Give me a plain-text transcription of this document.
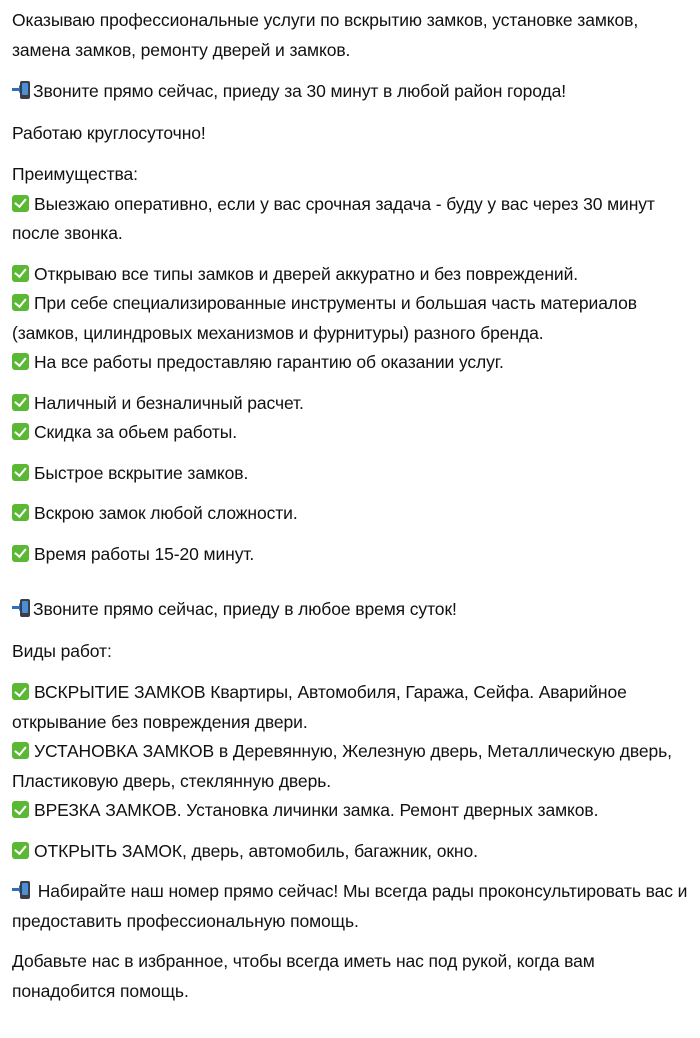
Оказываю профессиональные услуги по вскрытию замков, установке замков, замена замков, ремонту дверей и замков.

Звоните прямо сейчас, приеду за 30 минут в любой район города!

Работаю круглосуточно!

Преимущества:

Выезжаю оперативно, если у вас срочная задача - буду у вас через 30 минут после звонка.

Открываю все типы замков и дверей аккуратно и без повреждений.

При себе специализированные инструменты и большая часть материалов (замков, цилиндровых механизмов и фурнитуры) разного бренда.

На все работы предоставляю гарантию об оказании услуг.

Наличный и безналичный расчет.

Скидка за обьем работы.

Быстрое вскрытие замков.

Вскрою замок любой сложности.

Время работы 15-20 минут.

Звоните прямо сейчас, приеду в любое время суток!

Виды работ:

ВСКРЫТИЕ ЗАМКОВ Квартиры, Автомобиля, Гаража, Сейфа. Аварийное открывание без повреждения двери.

УСТАНОВКА ЗАМКОВ в Деревянную, Железную дверь, Металлическую дверь, Пластиковую дверь, стеклянную дверь.

ВРЕЗКА ЗАМКОВ. Установка личинки замка. Ремонт дверных замков.

ОТКРЫТЬ ЗАМОК, дверь, автомобиль, багажник, окно.

Набирайте наш номер прямо сейчас! Мы всегда рады проконсультировать вас и предоставить профессиональную помощь.

Добавьте нас в избранное, чтобы всегда иметь нас под рукой, когда вам понадобится помощь.
